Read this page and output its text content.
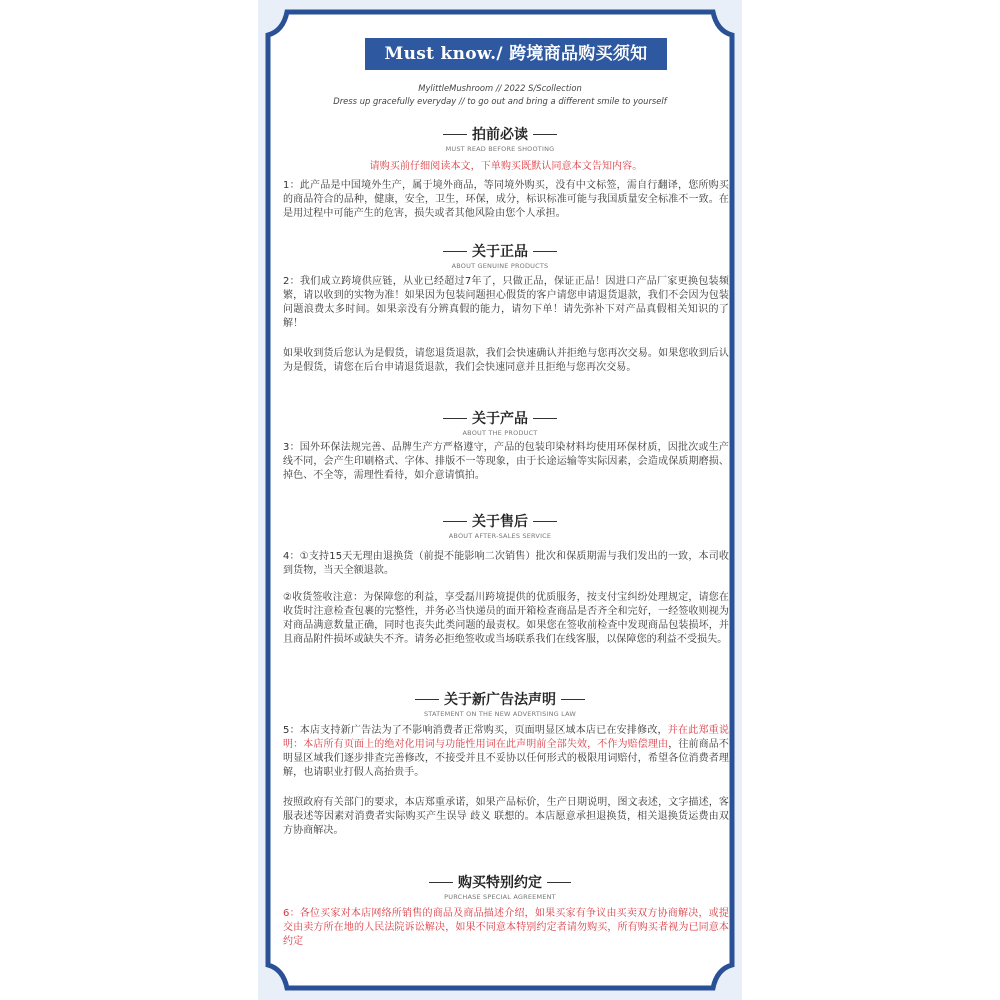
Must know./ 跨境商品购买须知
MylittleMushroom // 2022 S/Scollection
Dress up gracefully everyday // to go out and bring a different smile to yourself
拍前必读
MUST READ BEFORE SHOOTING
请购买前仔细阅读本文，下单购买既默认同意本文告知内容。
1：此产品是中国境外生产，属于境外商品，等同境外购买，没有中文标签，需自行翻译，您所购买的商品符合的品种，健康，安全，卫生，环保，成分，标识标准可能与我国质量安全标准不一致。在是用过程中可能产生的危害，损失或者其他风险由您个人承担。
关于正品
ABOUT GENUINE PRODUCTS
2：我们成立跨境供应链，从业已经超过7年了，只做正品，保证正品！因进口产品厂家更换包装频繁，请以收到的实物为准！如果因为包装问题担心假货的客户请您申请退货退款，我们不会因为包装问题浪费太多时间。如果亲没有分辨真假的能力，请勿下单！请先弥补下对产品真假相关知识的了解！
如果收到货后您认为是假货，请您退货退款，我们会快速确认并拒绝与您再次交易。如果您收到后认为是假货，请您在后台申请退货退款，我们会快速同意并且拒绝与您再次交易。
关于产品
ABOUT THE PRODUCT
3：国外环保法规完善、品牌生产方严格遵守，产品的包装印染材料均使用环保材质，因批次或生产线不同，会产生印刷格式、字体、排版不一等现象，由于长途运输等实际因素，会造成保质期磨损、掉色、不全等，需理性看待，如介意请慎拍。
关于售后
ABOUT AFTER-SALES SERVICE
4：①支持15天无理由退换货（前提不能影响二次销售）批次和保质期需与我们发出的一致，本司收到货物，当天全额退款。
②收货签收注意：为保障您的利益，享受磊川跨境提供的优质服务，按支付宝纠纷处理规定，请您在收货时注意检查包裹的完整性，并务必当快递员的面开箱检查商品是否齐全和完好，一经签收则视为对商品满意数量正确，同时也丧失此类问题的最责权。如果您在签收前检查中发现商品包装损坏，并且商品附件损坏或缺失不齐。请务必拒绝签收或当场联系我们在线客服，以保障您的利益不受损失。
关于新广告法声明
STATEMENT ON THE NEW ADVERTISING LAW
5：本店支持新广告法为了不影响消费者正常购买，页面明显区域本店已在安排修改，并在此郑重说明：本店所有页面上的绝对化用词与功能性用词在此声明前全部失效，不作为赔偿理由，往前商品不明显区域我们逐步排查完善修改，不接受并且不妥协以任何形式的极限用词赔付，希望各位消费者理解，也请职业打假人高抬贵手。
按照政府有关部门的要求，本店郑重承诺，如果产品标价，生产日期说明，图文表述，文字描述，客服表述等因素对消费者实际购买产生误导 歧义 联想的。本店愿意承担退换货，相关退换货运费由双方协商解决。
购买特别约定
PURCHASE SPECIAL AGREEMENT
6：各位买家对本店网络所销售的商品及商品描述介绍，如果买家有争议由买卖双方协商解决，或提交由卖方所在地的人民法院诉讼解决，如果不同意本特别约定者请勿购买，所有购买者视为已同意本约定
